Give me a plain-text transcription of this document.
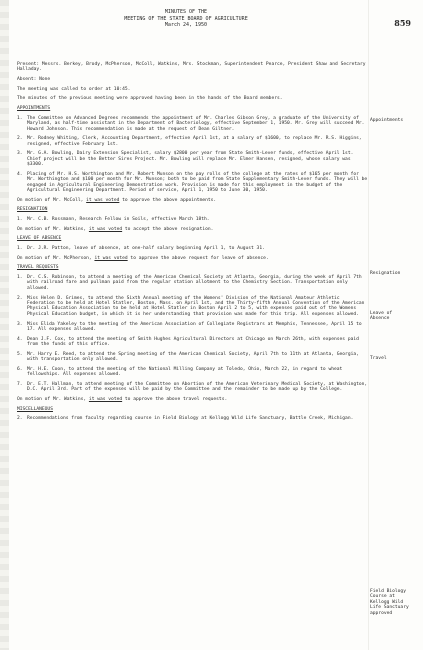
859
MINUTES OF THE
MEETING OF THE STATE BOARD OF AGRICULTURE
March 24, 1950

Present: Messrs. Berkey, Brody, McPherson, McColl, Watkins, Mrs. Stockman, Superintendent Pearce, President Shaw and Secretary Halladay.

Absent: None

The meeting was called to order at 10:45.

The minutes of the previous meeting were approved having been in the hands of the Board members.

APPOINTMENTS
1. The Committee on Advanced Degrees recommends the appointment of Mr. Charles Gibson Grey, a graduate of the University of Maryland, as half-time assistant in the Department of Bacteriology, effective September 1, 1950. Mr. Grey will succeed Mr. Howard Johnson. This recommendation is made at the request of Dean Giltner.
2. Mr. Rodney Whiting, Clerk, Accounting Department, effective April 1st, at a salary of $1600, to replace Mr. R.S. Higgins, resigned, effective February 1st.
3. Mr. G.A. Bowling, Dairy Extension Specialist, salary $2800 per year from State Smith-Lever funds, effective April 1st. Chief project will be the Better Sires Project. Mr. Bowling will replace Mr. Elmer Hansen, resigned, whose salary was $3300.
4. Placing of Mr. H.S. Worthington and Mr. Robert Munson on the pay rolls of the college at the rates of $165 per month for Mr. Worthington and $100 per month for Mr. Munson; both to be paid from State Supplementary Smith-Lever funds. They will be engaged in Agricultural Engineering Demonstration work. Provision is made for this employment in the budget of the Agricultural Engineering Department. Period of service, April 1, 1950 to June 30, 1950.

On motion of Mr. McColl, it was voted to approve the above appointments.

RESIGNATION
1. Mr. C.B. Rossmann, Research Fellow in Soils, effective March 18th.

On motion of Mr. Watkins, it was voted to accept the above resignation.

LEAVE OF ABSENCE
1. Dr. J.R. Patton, leave of absence, at one-half salary beginning April 1, to August 31.

On motion of Mr. McPherson, it was voted to approve the above request for leave of absence.

TRAVEL REQUESTS
1. Dr. C.S. Robinson, to attend a meeting of the American Chemical Society at Atlanta, Georgia, during the week of April 7th with railroad fare and pullman paid from the regular station allotment to the Chemistry Section. Transportation only allowed.
2. Miss Helen D. Grimes, to attend the Sixth Annual meeting of the Womens' Division of the National Amateur Athletic Federation to be held at Hotel Statler, Boston, Mass. on April 1st, and the Thirty-fifth Annual Convention of the American Physical Education Association to be held at Hotel Statler in Boston April 2 to 5, with expenses paid out of the Womens Physical Education budget, in which it is her understanding that provision was made for this trip. All expenses allowed.
3. Miss Elida Yakeley to the meeting of the American Association of Collegiate Registrars at Memphis, Tennessee, April 15 to 17. All expenses allowed.
4. Dean J.F. Cox, to attend the meeting of Smith Hughes Agricultural Directors at Chicago on March 26th, with expenses paid from the funds of this office.
5. Mr. Harry E. Reed, to attend the Spring meeting of the American Chemical Society, April 7th to 11th at Atlanta, Georgia, with transportation only allowed.
6. Mr. H.E. Coon, to attend the meeting of the National Milling Company at Toledo, Ohio, March 22, in regard to wheat fellowships. All expenses allowed.
7. Dr. E.T. Hallman, to attend meeting of the Committee on Abortion of the American Veterinary Medical Society, at Washington, D.C. April 3rd. Part of the expenses will be paid by the Committee and the remainder to be made up by the College.

On motion of Mr. Watkins, it was voted to approve the above travel requests.

MISCELLANEOUS
2. Recommendations from faculty regarding course in Field Biology at Kellogg Wild Life Sanctuary, Battle Creek, Michigan.
Appointments
Resignation
Leave of
Absence
Travel
Field Biology
Course at
Kellogg Wild
Life Sanctuary
approved
